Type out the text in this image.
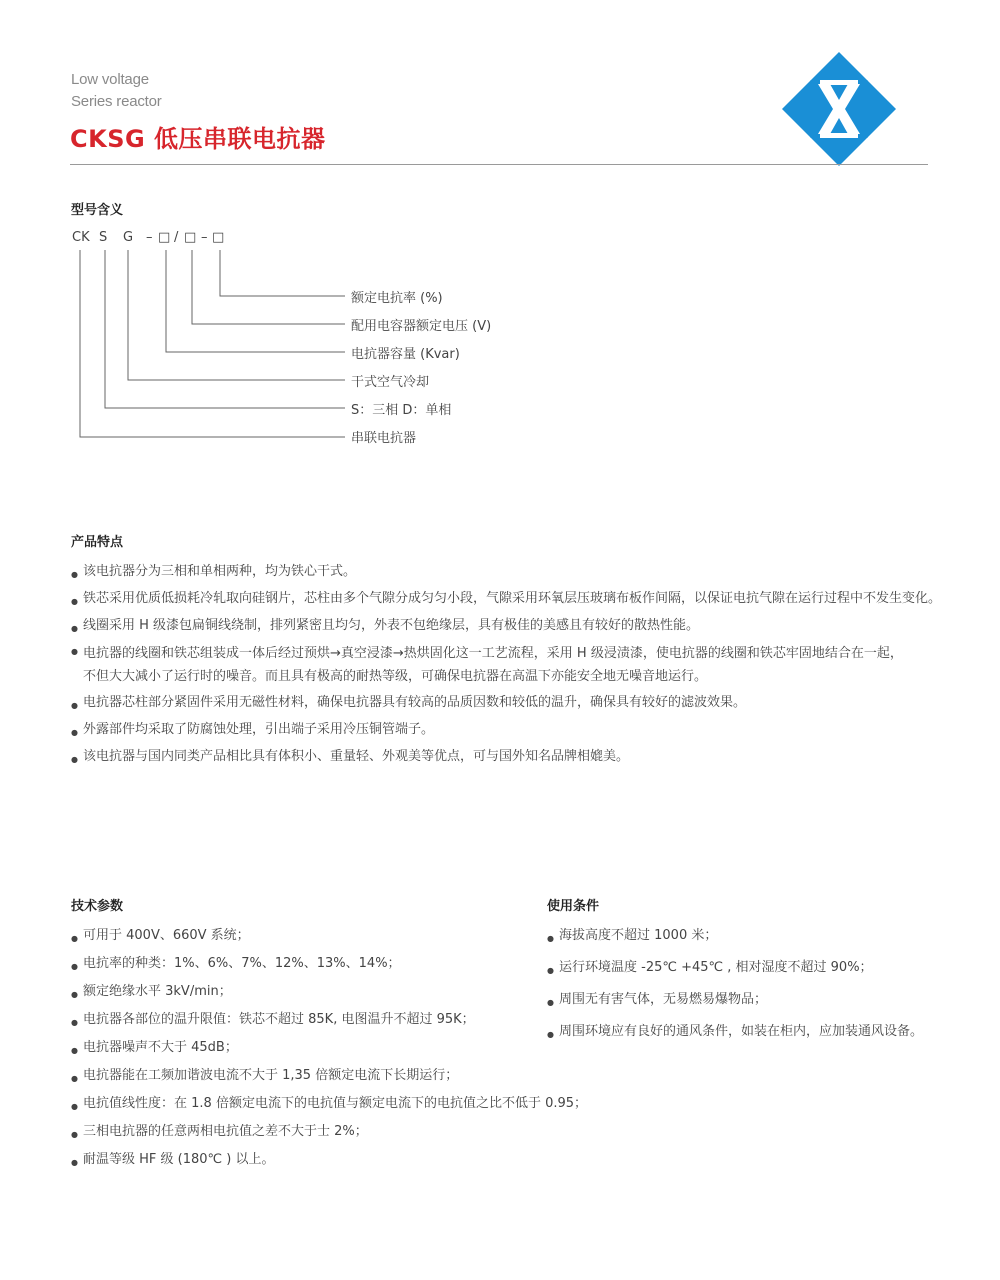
Low voltage
Series reactor
CKSG 低压串联电抗器
型号含义
CK S G – □ / □ – □
额定电抗率 (%)
配用电容器额定电压 (V)
电抗器容量 (Kvar)
干式空气冷却
S：三相 D：单相
串联电抗器
产品特点
● 该电抗器分为三相和单相两种，均为铁心干式。
● 铁芯采用优质低损耗冷轧取向硅钢片，芯柱由多个气隙分成匀匀小段，气隙采用环氧层压玻璃布板作间隔，以保证电抗气隙在运行过程中不发生变化。
● 线圈采用 H 级漆包扁铜线绕制，排列紧密且均匀，外表不包绝缘层，具有极佳的美感且有较好的散热性能。
● 电抗器的线圈和铁芯组装成一体后经过预烘→真空浸漆→热烘固化这一工艺流程，采用 H 级浸渍漆，使电抗器的线圈和铁芯牢固地结合在一起，
不但大大减小了运行时的噪音。而且具有极高的耐热等级，可确保电抗器在高温下亦能安全地无噪音地运行。
● 电抗器芯柱部分紧固件采用无磁性材料，确保电抗器具有较高的品质因数和较低的温升，确保具有较好的滤波效果。
● 外露部件均采取了防腐蚀处理，引出端子采用冷压铜管端子。
● 该电抗器与国内同类产品相比具有体积小、重量轻、外观美等优点，可与国外知名品牌相媲美。
技术参数
● 可用于 400V、660V 系统；
● 电抗率的种类：1%、6%、7%、12%、13%、14%；
● 额定绝缘水平 3kV/min；
● 电抗器各部位的温升限值：铁芯不超过 85K, 电图温升不超过 95K；
● 电抗器噪声不大于 45dB；
● 电抗器能在工频加谐波电流不大于 1,35 倍额定电流下长期运行；
● 电抗值线性度：在 1.8 倍额定电流下的电抗值与额定电流下的电抗值之比不低于 0.95；
● 三相电抗器的任意两相电抗值之差不大于士 2%；
● 耐温等级 HF 级 (180℃ ) 以上。
使用条件
● 海拔高度不超过 1000 米；
● 运行环境温度 -25℃ +45℃ , 相对湿度不超过 90%；
● 周围无有害气体，无易燃易爆物品；
● 周围环境应有良好的通风条件，如装在柜内，应加装通风设备。
